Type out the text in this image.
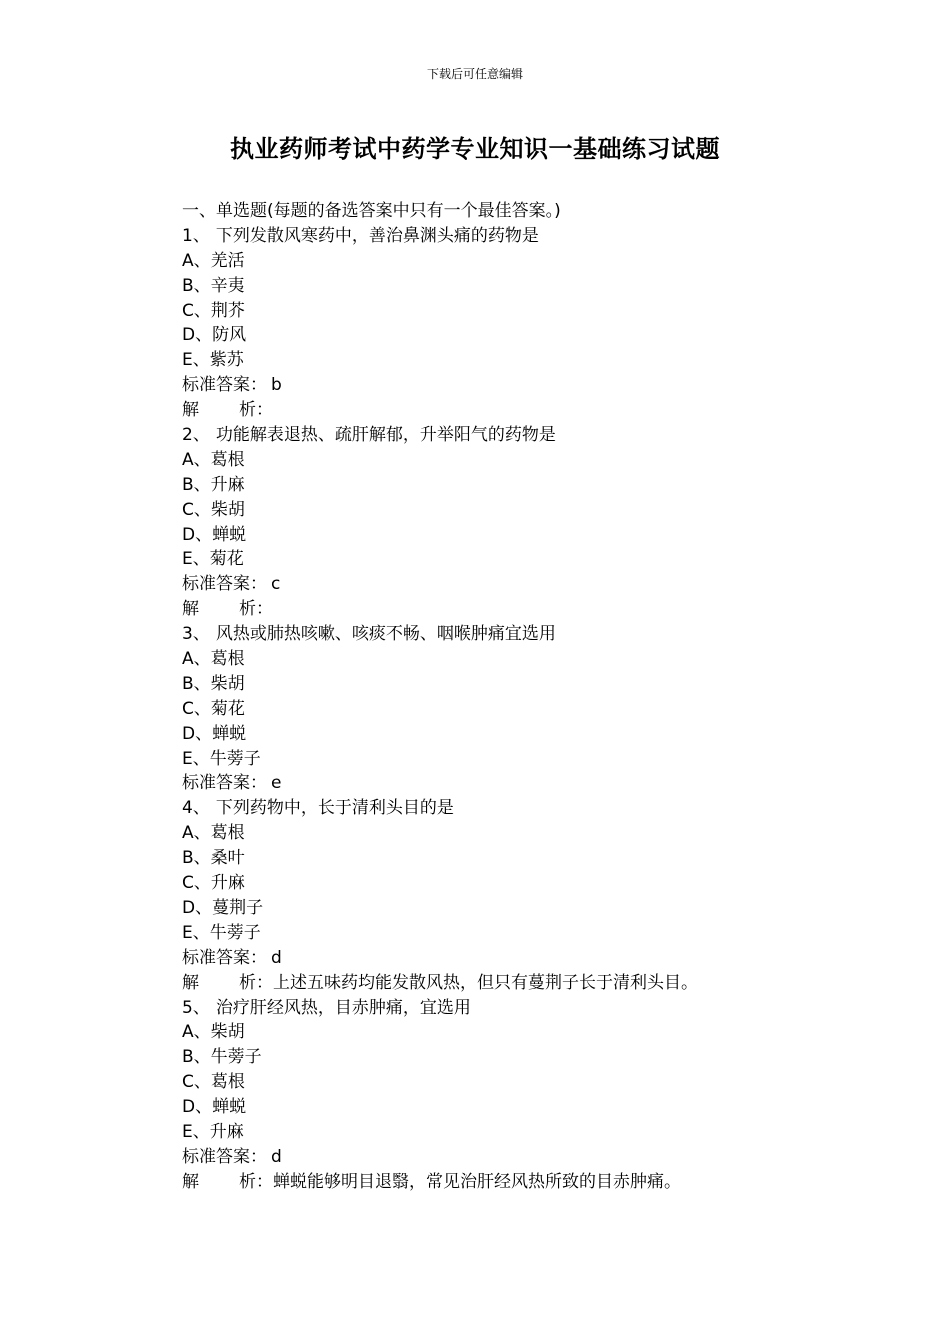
下载后可任意编辑
执业药师考试中药学专业知识一基础练习试题
一、单选题(每题的备选答案中只有一个最佳答案。)
1、 下列发散风寒药中，善治鼻渊头痛的药物是
A、羌活
B、辛夷
C、荆芥
D、防风
E、紫苏
标准答案： b
解 析：
2、 功能解表退热、疏肝解郁，升举阳气的药物是
A、葛根
B、升麻
C、柴胡
D、蝉蜕
E、菊花
标准答案： c
解 析：
3、 风热或肺热咳嗽、咳痰不畅、咽喉肿痛宜选用
A、葛根
B、柴胡
C、菊花
D、蝉蜕
E、牛蒡子
标准答案： e
4、 下列药物中，长于清利头目的是
A、葛根
B、桑叶
C、升麻
D、蔓荆子
E、牛蒡子
标准答案： d
解 析：上述五味药均能发散风热，但只有蔓荆子长于清利头目。
5、 治疗肝经风热，目赤肿痛，宜选用
A、柴胡
B、牛蒡子
C、葛根
D、蝉蜕
E、升麻
标准答案： d
解 析：蝉蜕能够明目退翳，常见治肝经风热所致的目赤肿痛。
